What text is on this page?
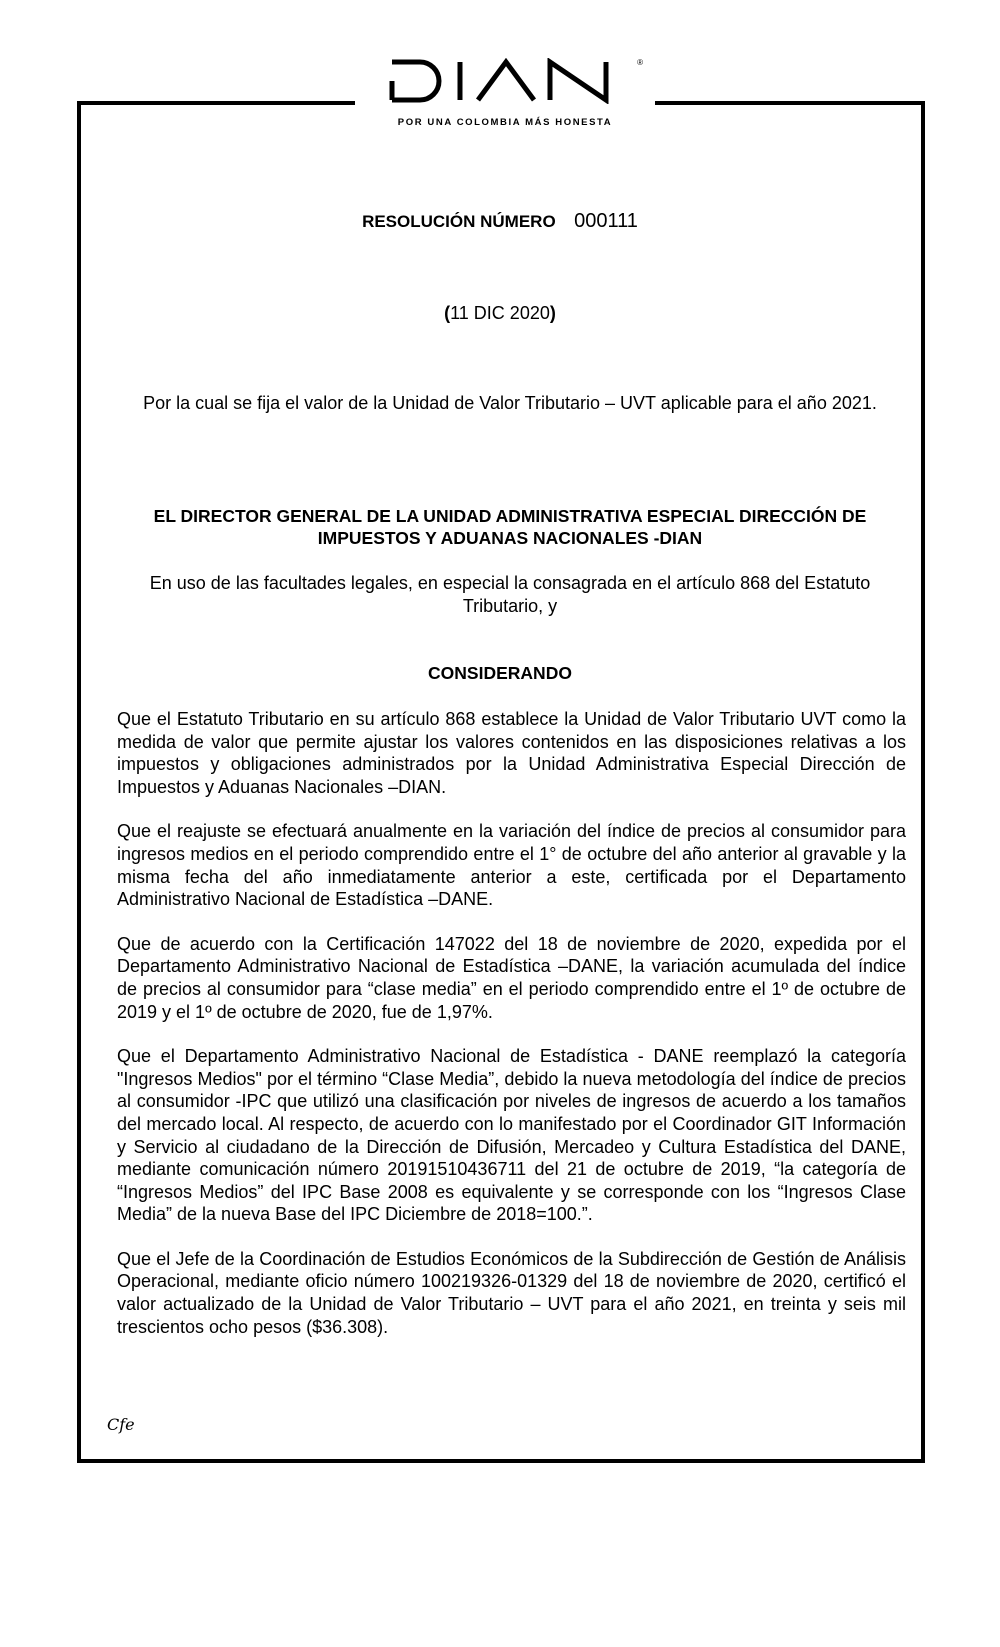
®
POR UNA COLOMBIA MÁS HONESTA
RESOLUCIÓN NÚMERO 000111
(11 DIC 2020)
Por la cual se fija el valor de la Unidad de Valor Tributario – UVT aplicable para el año 2021.
EL DIRECTOR GENERAL DE LA UNIDAD ADMINISTRATIVA ESPECIAL DIRECCIÓN DE IMPUESTOS Y ADUANAS NACIONALES -DIAN
En uso de las facultades legales, en especial la consagrada en el artículo 868 del Estatuto Tributario, y
CONSIDERANDO

Que el Estatuto Tributario en su artículo 868 establece la Unidad de Valor Tributario UVT como la medida de valor que permite ajustar los valores contenidos en las disposiciones relativas a los impuestos y obligaciones administrados por la Unidad Administrativa Especial Dirección de Impuestos y Aduanas Nacionales –DIAN.

Que el reajuste se efectuará anualmente en la variación del índice de precios al consumidor para ingresos medios en el periodo comprendido entre el 1° de octubre del año anterior al gravable y la misma fecha del año inmediatamente anterior a este, certificada por el Departamento Administrativo Nacional de Estadística –DANE.

Que de acuerdo con la Certificación 147022 del 18 de noviembre de 2020, expedida por el Departamento Administrativo Nacional de Estadística –DANE, la variación acumulada del índice de precios al consumidor para “clase media” en el periodo comprendido entre el 1º de octubre de 2019 y el 1º de octubre de 2020, fue de 1,97%.

Que el Departamento Administrativo Nacional de Estadística - DANE reemplazó la categoría "Ingresos Medios" por el término “Clase Media”, debido la nueva metodología del índice de precios al consumidor -IPC que utilizó una clasificación por niveles de ingresos de acuerdo a los tamaños del mercado local. Al respecto, de acuerdo con lo manifestado por el Coordinador GIT Información y Servicio al ciudadano de la Dirección de Difusión, Mercadeo y Cultura Estadística del DANE, mediante comunicación número 20191510436711 del 21 de octubre de 2019, “la categoría de “Ingresos Medios” del IPC Base 2008 es equivalente y se corresponde con los “Ingresos Clase Media” de la nueva Base del IPC Diciembre de 2018=100.”.

Que el Jefe de la Coordinación de Estudios Económicos de la Subdirección de Gestión de Análisis Operacional, mediante oficio número 100219326-01329 del 18 de noviembre de 2020, certificó el valor actualizado de la Unidad de Valor Tributario – UVT para el año 2021, en treinta y seis mil trescientos ocho pesos ($36.308).

Cfe
